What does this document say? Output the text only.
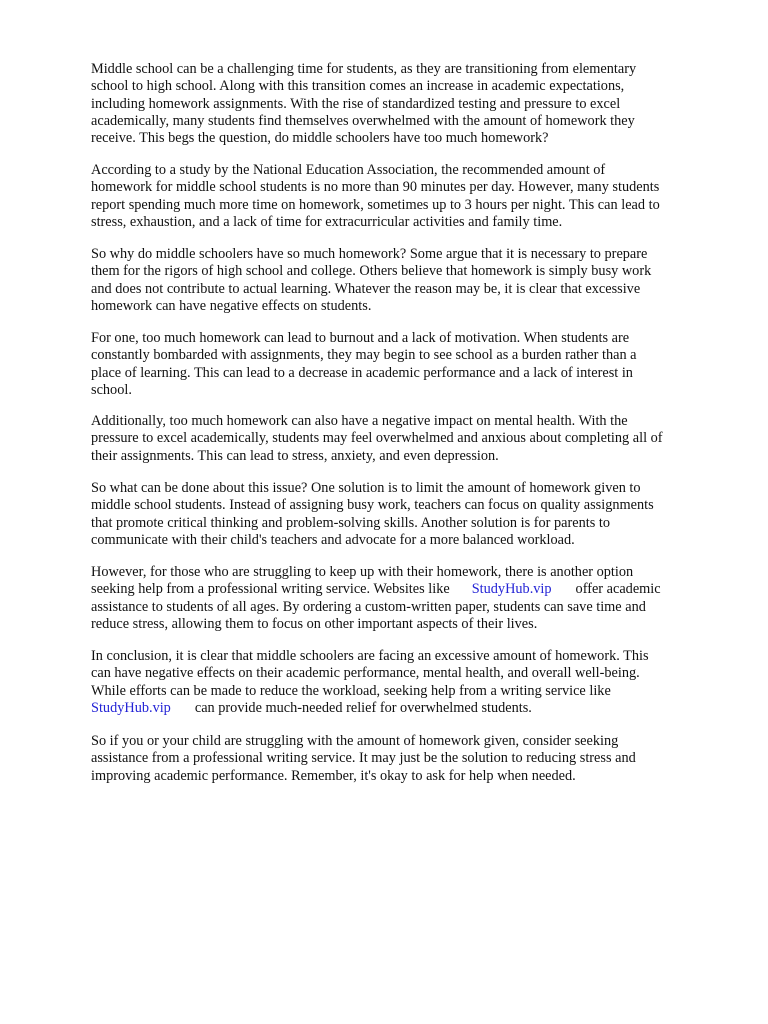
Middle school can be a challenging time for students, as they are transitioning from elementary
school to high school. Along with this transition comes an increase in academic expectations,
including homework assignments. With the rise of standardized testing and pressure to excel
academically, many students find themselves overwhelmed with the amount of homework they
receive. This begs the question, do middle schoolers have too much homework?

According to a study by the National Education Association, the recommended amount of
homework for middle school students is no more than 90 minutes per day. However, many students
report spending much more time on homework, sometimes up to 3 hours per night. This can lead to
stress, exhaustion, and a lack of time for extracurricular activities and family time.

So why do middle schoolers have so much homework? Some argue that it is necessary to prepare
them for the rigors of high school and college. Others believe that homework is simply busy work
and does not contribute to actual learning. Whatever the reason may be, it is clear that excessive
homework can have negative effects on students.

For one, too much homework can lead to burnout and a lack of motivation. When students are
constantly bombarded with assignments, they may begin to see school as a burden rather than a
place of learning. This can lead to a decrease in academic performance and a lack of interest in
school.

Additionally, too much homework can also have a negative impact on mental health. With the
pressure to excel academically, students may feel overwhelmed and anxious about completing all of
their assignments. This can lead to stress, anxiety, and even depression.

So what can be done about this issue? One solution is to limit the amount of homework given to
middle school students. Instead of assigning busy work, teachers can focus on quality assignments
that promote critical thinking and problem-solving skills. Another solution is for parents to
communicate with their child's teachers and advocate for a more balanced workload.

However, for those who are struggling to keep up with their homework, there is another option
seeking help from a professional writing service. Websites like StudyHub.vip offer academic
assistance to students of all ages. By ordering a custom-written paper, students can save time and
reduce stress, allowing them to focus on other important aspects of their lives.

In conclusion, it is clear that middle schoolers are facing an excessive amount of homework. This
can have negative effects on their academic performance, mental health, and overall well-being.
While efforts can be made to reduce the workload, seeking help from a writing service like
StudyHub.vip can provide much-needed relief for overwhelmed students.

So if you or your child are struggling with the amount of homework given, consider seeking
assistance from a professional writing service. It may just be the solution to reducing stress and
improving academic performance. Remember, it's okay to ask for help when needed.
